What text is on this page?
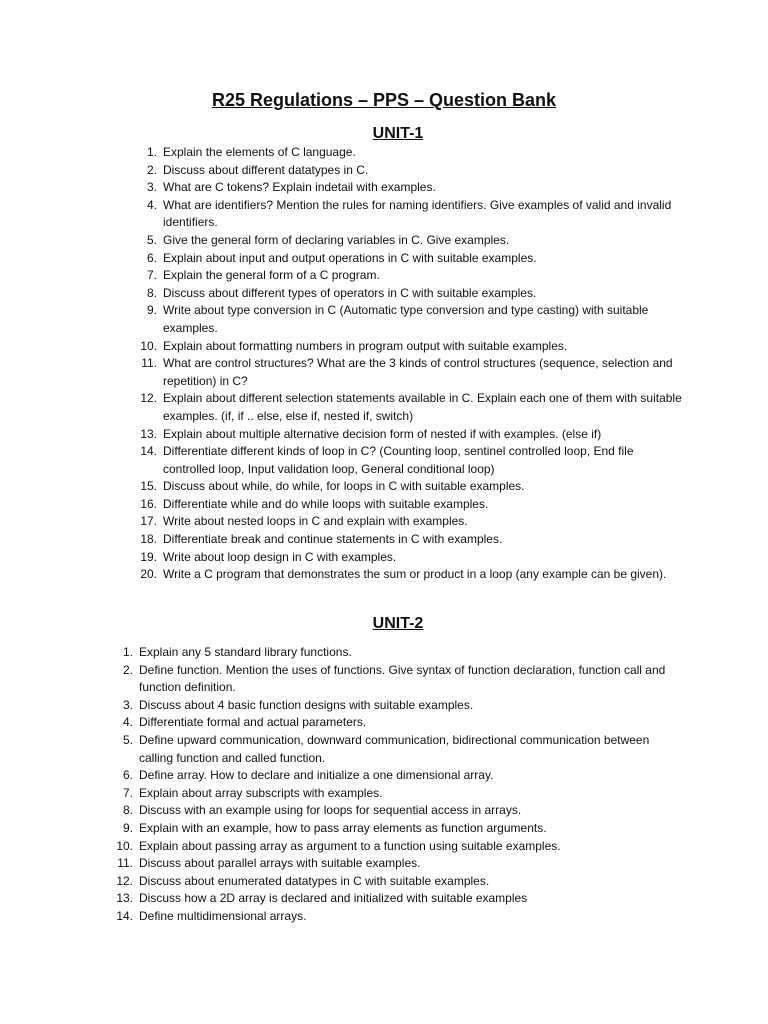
R25 Regulations – PPS – Question Bank
UNIT-1
1. Explain the elements of C language.
2. Discuss about different datatypes in C.
3. What are C tokens? Explain indetail with examples.
4. What are identifiers? Mention the rules for naming identifiers. Give examples of valid and invalid identifiers.
5. Give the general form of declaring variables in C. Give examples.
6. Explain about input and output operations in C with suitable examples.
7. Explain the general form of a C program.
8. Discuss about different types of operators in C with suitable examples.
9. Write about type conversion in C (Automatic type conversion and type casting) with suitable examples.
10. Explain about formatting numbers in program output with suitable examples.
11. What are control structures? What are the 3 kinds of control structures (sequence, selection and repetition) in C?
12. Explain about different selection statements available in C. Explain each one of them with suitable examples. (if, if .. else, else if, nested if, switch)
13. Explain about multiple alternative decision form of nested if with examples. (else if)
14. Differentiate different kinds of loop in C? (Counting loop, sentinel controlled loop, End file controlled loop, Input validation loop, General conditional loop)
15. Discuss about while, do while, for loops in C with suitable examples.
16. Differentiate while and do while loops with suitable examples.
17. Write about nested loops in C and explain with examples.
18. Differentiate break and continue statements in C with examples.
19. Write about loop design in C with examples.
20. Write a C program that demonstrates the sum or product in a loop (any example can be given).
UNIT-2
1. Explain any 5 standard library functions.
2. Define function. Mention the uses of functions. Give syntax of function declaration, function call and function definition.
3. Discuss about 4 basic function designs with suitable examples.
4. Differentiate formal and actual parameters.
5. Define upward communication, downward communication, bidirectional communication between calling function and called function.
6. Define array. How to declare and initialize a one dimensional array.
7. Explain about array subscripts with examples.
8. Discuss with an example using for loops for sequential access in arrays.
9. Explain with an example, how to pass array elements as function arguments.
10. Explain about passing array as argument to a function using suitable examples.
11. Discuss about parallel arrays with suitable examples.
12. Discuss about enumerated datatypes in C with suitable examples.
13. Discuss how a 2D array is declared and initialized with suitable examples
14. Define multidimensional arrays.
